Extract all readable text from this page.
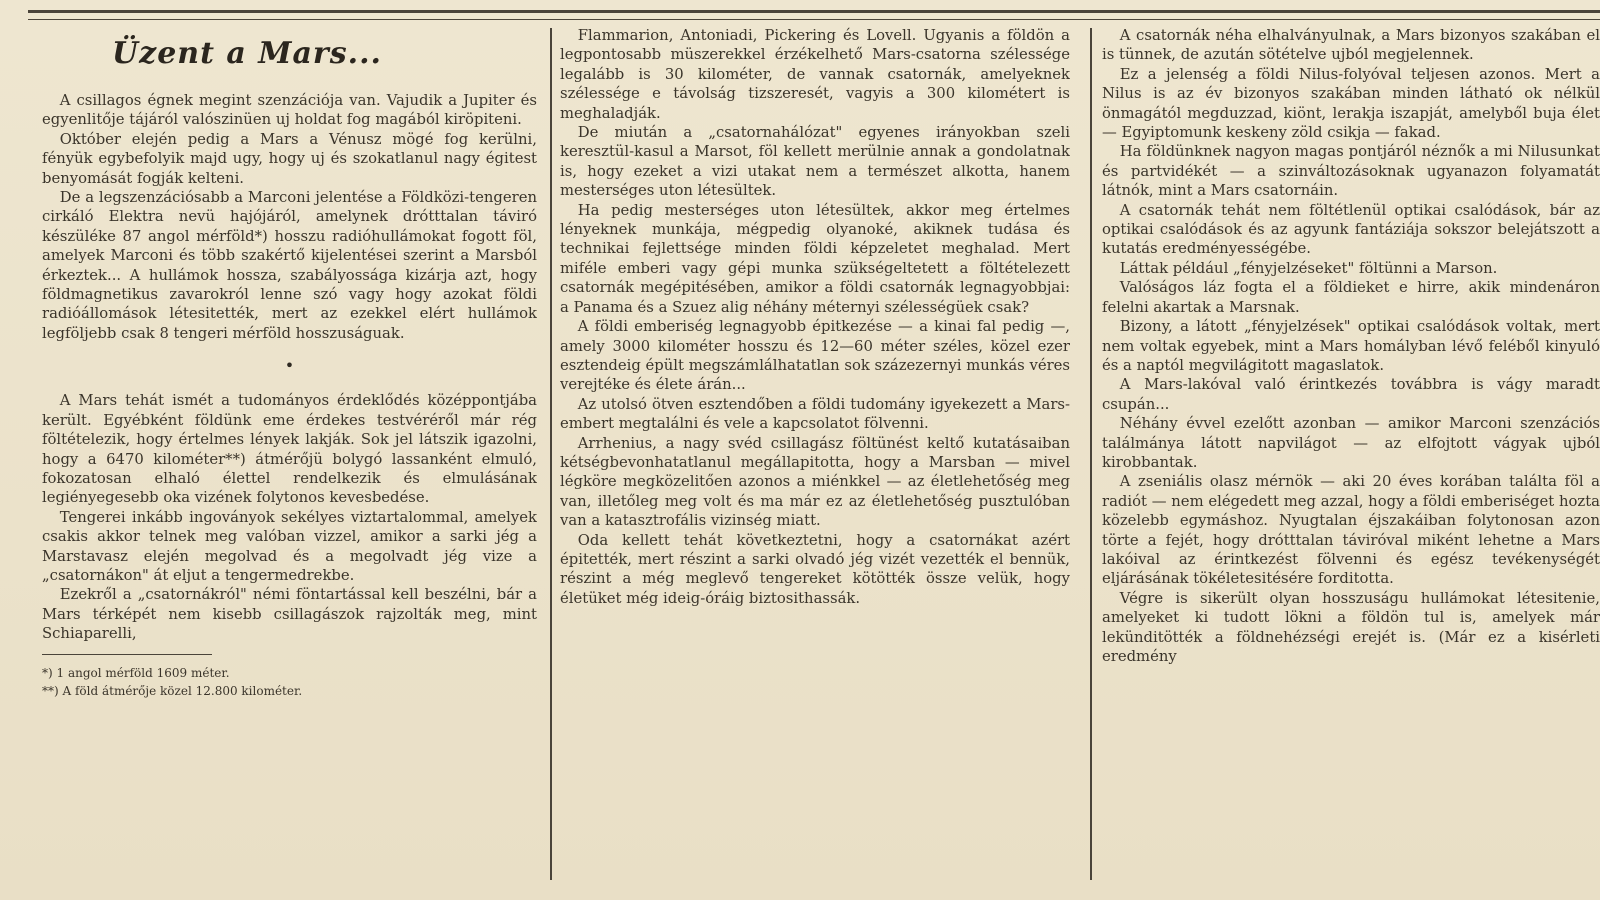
Üzent a Mars...

A csillagos égnek megint szenzációja van. Vajudik a Jupiter és egyenlitője tájáról valószinüen uj holdat fog magából kiröpiteni.

Október elején pedig a Mars a Vénusz mögé fog kerülni, fényük egybefolyik majd ugy, hogy uj és szokatlanul nagy égitest benyomását fogják kelteni.

De a legszenzációsabb a Marconi jelentése a Földközi-tengeren cirkáló Elektra nevü hajójáról, amelynek drótttalan táviró készüléke 87 angol mérföld*) hosszu radióhullámokat fogott föl, amelyek Marconi és több szakértő kijelentései szerint a Marsból érkeztek... A hullámok hossza, szabályossága kizárja azt, hogy földmagnetikus zavarokról lenne szó vagy hogy azokat földi radióállomások létesitették, mert az ezekkel elért hullámok legföljebb csak 8 tengeri mérföld hosszuságuak.

•

A Mars tehát ismét a tudományos érdeklődés középpontjába került. Egyébként földünk eme érdekes testvéréről már rég föltételezik, hogy értelmes lények lakják. Sok jel látszik igazolni, hogy a 6470 kilométer**) átmérőjü bolygó lassanként elmuló, fokozatosan elhaló élettel rendelkezik és elmulásának legiényegesebb oka vizének folytonos kevesbedése.

Tengerei inkább ingoványok sekélyes viztartalommal, amelyek csakis akkor telnek meg valóban vizzel, amikor a sarki jég a Marstavasz elején megolvad és a megolvadt jég vize a „csatornákon" át eljut a tengermedrekbe.

Ezekről a „csatornákról" némi föntartással kell beszélni, bár a Mars térképét nem kisebb csillagászok rajzolták meg, mint Schiaparelli,

*) 1 angol mérföld 1609 méter.

**) A föld átmérője közel 12.800 kilométer.

Flammarion, Antoniadi, Pickering és Lovell. Ugyanis a földön a legpontosabb müszerekkel érzékelhető Mars-csatorna szélessége legalább is 30 kilométer, de vannak csatornák, amelyeknek szélessége e távolság tizszeresét, vagyis a 300 kilométert is meghaladják.

De miután a „csatornahálózat" egyenes irányokban szeli keresztül-kasul a Marsot, föl kellett merülnie annak a gondolatnak is, hogy ezeket a vizi utakat nem a természet alkotta, hanem mesterséges uton létesültek.

Ha pedig mesterséges uton létesültek, akkor meg értelmes lényeknek munkája, mégpedig olyanoké, akiknek tudása és technikai fejlettsége minden földi képzeletet meghalad. Mert miféle emberi vagy gépi munka szükségeltetett a föltételezett csatornák megépitésében, amikor a földi csatornák legnagyobbjai: a Panama és a Szuez alig néhány méternyi szélességüek csak?

A földi emberiség legnagyobb épitkezése — a kinai fal pedig —, amely 3000 kilométer hosszu és 12—60 méter széles, közel ezer esztendeig épült megszámlálhatatlan sok százezernyi munkás véres verejtéke és élete árán...

Az utolsó ötven esztendőben a földi tudomány igyekezett a Mars-embert megtalálni és vele a kapcsolatot fölvenni.

Arrhenius, a nagy svéd csillagász föltünést keltő kutatásaiban kétségbevonhatatlanul megállapitotta, hogy a Marsban — mivel légköre megközelitően azonos a miénkkel — az életlehetőség meg van, illetőleg meg volt és ma már ez az életlehetőség pusztulóban van a katasztrofális vizinség miatt.

Oda kellett tehát következtetni, hogy a csatornákat azért épitették, mert részint a sarki olvadó jég vizét vezették el bennük, részint a még meglevő tengereket kötötték össze velük, hogy életüket még ideig-óráig biztosithassák.

A csatornák néha elhalványulnak, a Mars bizonyos szakában el is tünnek, de azután sötételve ujból megjelennek.

Ez a jelenség a földi Nilus-folyóval teljesen azonos. Mert a Nilus is az év bizonyos szakában minden látható ok nélkül önmagától megduzzad, kiönt, lerakja iszapját, amelyből buja élet — Egyiptomunk keskeny zöld csikja — fakad.

Ha földünknek nagyon magas pontjáról néznők a mi Nilusunkat és partvidékét — a szinváltozásoknak ugyanazon folyamatát látnók, mint a Mars csatornáin.

A csatornák tehát nem föltétlenül optikai csalódások, bár az optikai csalódások és az agyunk fantáziája sokszor belejátszott a kutatás eredményességébe.

Láttak például „fényjelzéseket" föltünni a Marson.

Valóságos láz fogta el a földieket e hirre, akik mindenáron felelni akartak a Marsnak.

Bizony, a látott „fényjelzések" optikai csalódások voltak, mert nem voltak egyebek, mint a Mars homályban lévő feléből kinyuló és a naptól megvilágitott magaslatok.

A Mars-lakóval való érintkezés továbbra is vágy maradt csupán...

Néhány évvel ezelőtt azonban — amikor Marconi szenzációs találmánya látott napvilágot — az elfojtott vágyak ujból kirobbantak.

A zseniális olasz mérnök — aki 20 éves korában találta föl a radiót — nem elégedett meg azzal, hogy a földi emberiséget hozta közelebb egymáshoz. Nyugtalan éjszakáiban folytonosan azon törte a fejét, hogy drótttalan táviróval miként lehetne a Mars lakóival az érintkezést fölvenni és egész tevékenységét eljárásának tökéletesitésére forditotta.

Végre is sikerült olyan hosszuságu hullámokat létesitenie, amelyeket ki tudott lökni a földön tul is, amelyek már lekünditötték a földnehézségi erejét is. (Már ez a kisérleti eredmény
